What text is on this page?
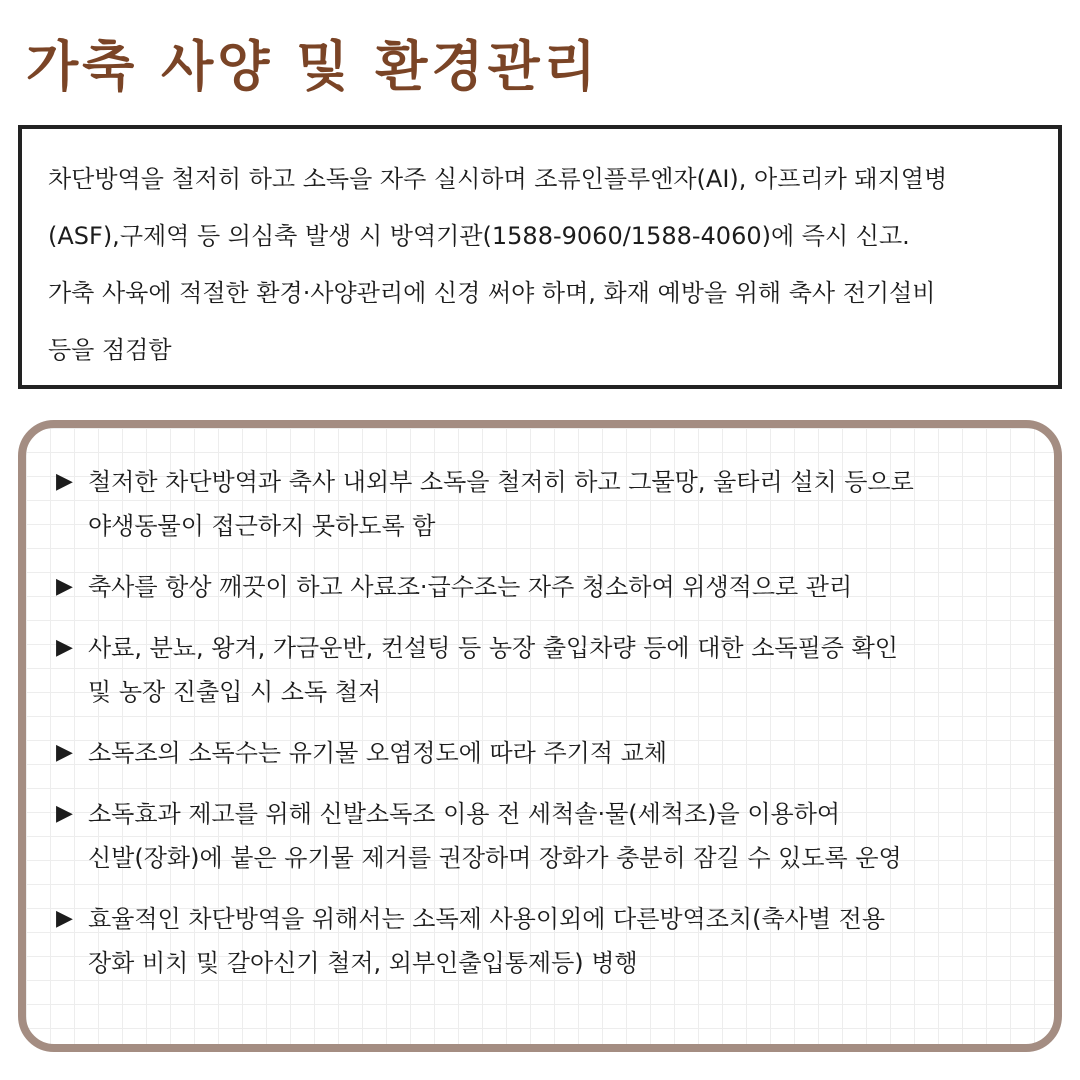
가축 사양 및 환경관리

차단방역을 철저히 하고 소독을 자주 실시하며 조류인플루엔자(AI), 아프리카 돼지열병

(ASF),구제역 등 의심축 발생 시 방역기관(1588-9060/1588-4060)에 즉시 신고.

가축 사육에 적절한 환경·사양관리에 신경 써야 하며, 화재 예방을 위해 축사 전기설비

등을 점검함

▶ 철저한 차단방역과 축사 내외부 소독을 철저히 하고 그물망, 울타리 설치 등으로
야생동물이 접근하지 못하도록 함
▶ 축사를 항상 깨끗이 하고 사료조·급수조는 자주 청소하여 위생적으로 관리
▶ 사료, 분뇨, 왕겨, 가금운반, 컨설팅 등 농장 출입차량 등에 대한 소독필증 확인
및 농장 진출입 시 소독 철저
▶ 소독조의 소독수는 유기물 오염정도에 따라 주기적 교체
▶ 소독효과 제고를 위해 신발소독조 이용 전 세척솔·물(세척조)을 이용하여
신발(장화)에 붙은 유기물 제거를 권장하며 장화가 충분히 잠길 수 있도록 운영
▶ 효율적인 차단방역을 위해서는 소독제 사용이외에 다른방역조치(축사별 전용
장화 비치 및 갈아신기 철저, 외부인출입통제등) 병행
